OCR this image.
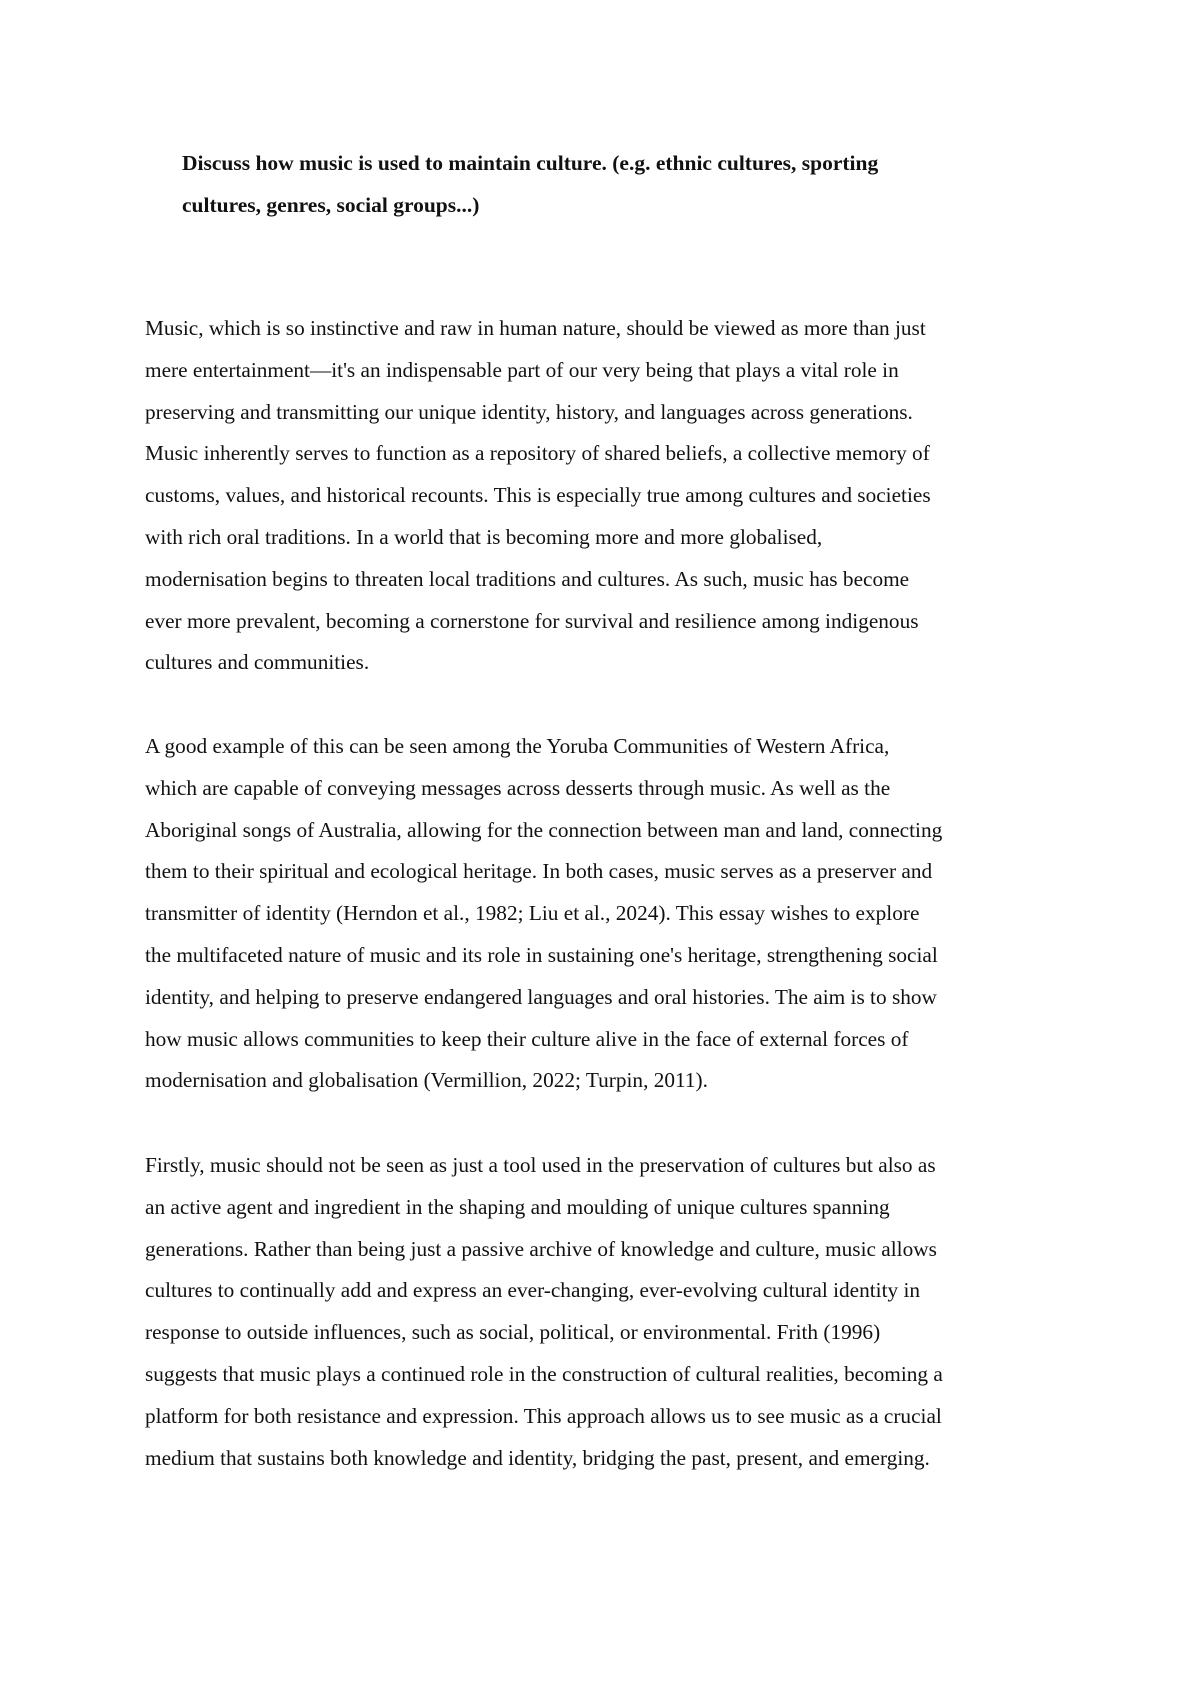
Discuss how music is used to maintain culture. (e.g. ethnic cultures, sporting
cultures, genres, social groups...)
Music, which is so instinctive and raw in human nature, should be viewed as more than just
mere entertainment—it's an indispensable part of our very being that plays a vital role in
preserving and transmitting our unique identity, history, and languages across generations.
Music inherently serves to function as a repository of shared beliefs, a collective memory of
customs, values, and historical recounts. This is especially true among cultures and societies
with rich oral traditions. In a world that is becoming more and more globalised,
modernisation begins to threaten local traditions and cultures. As such, music has become
ever more prevalent, becoming a cornerstone for survival and resilience among indigenous
cultures and communities.
A good example of this can be seen among the Yoruba Communities of Western Africa,
which are capable of conveying messages across desserts through music. As well as the
Aboriginal songs of Australia, allowing for the connection between man and land, connecting
them to their spiritual and ecological heritage. In both cases, music serves as a preserver and
transmitter of identity (Herndon et al., 1982; Liu et al., 2024). This essay wishes to explore
the multifaceted nature of music and its role in sustaining one's heritage, strengthening social
identity, and helping to preserve endangered languages and oral histories. The aim is to show
how music allows communities to keep their culture alive in the face of external forces of
modernisation and globalisation (Vermillion, 2022; Turpin, 2011).
Firstly, music should not be seen as just a tool used in the preservation of cultures but also as
an active agent and ingredient in the shaping and moulding of unique cultures spanning
generations. Rather than being just a passive archive of knowledge and culture, music allows
cultures to continually add and express an ever-changing, ever-evolving cultural identity in
response to outside influences, such as social, political, or environmental. Frith (1996)
suggests that music plays a continued role in the construction of cultural realities, becoming a
platform for both resistance and expression. This approach allows us to see music as a crucial
medium that sustains both knowledge and identity, bridging the past, present, and emerging.
